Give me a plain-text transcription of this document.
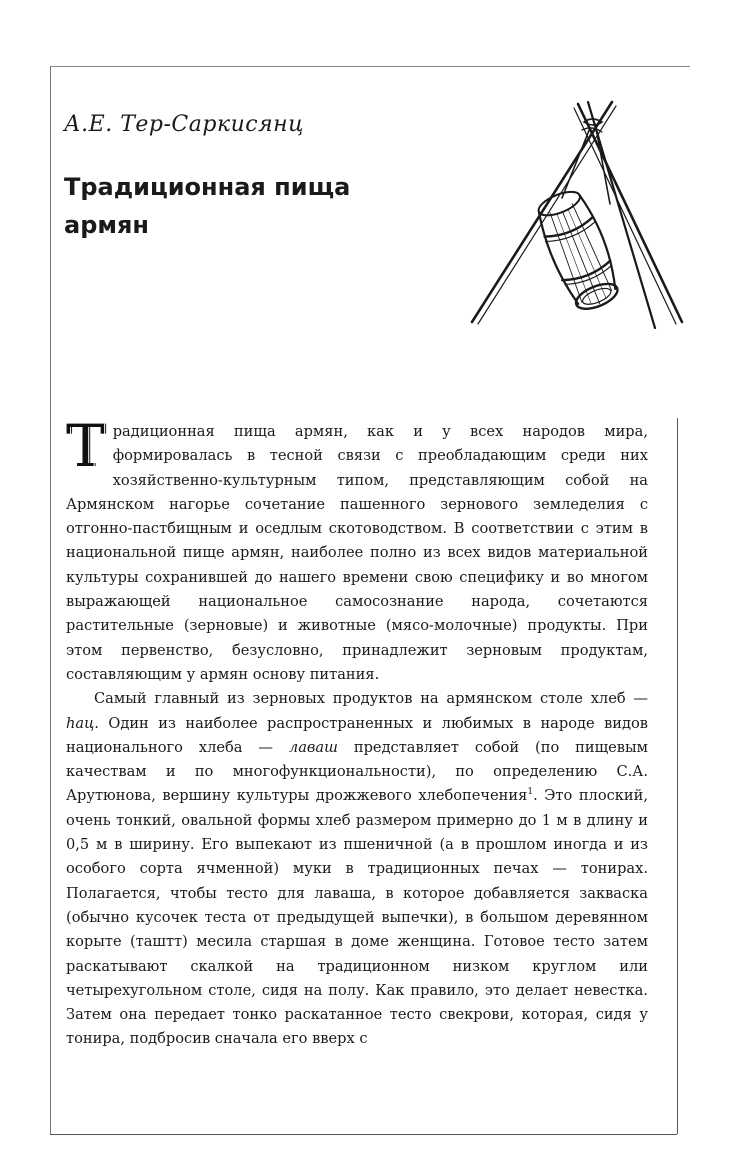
А.Е. Тер-Саркисянц
Традиционная пища
армян

Т радиционная пища армян, как и у всех народов мира, формировалась в тесной связи с преобладающим среди них хозяйственно-культурным типом, представляющим собой на Армянском нагорье сочетание пашенного зернового земледелия с отгонно-пастбищным и оседлым скотоводством. В соответствии с этим в национальной пище армян, наиболее полно из всех видов материальной культуры сохранившей до нашего времени свою специфику и во многом выражающей национальное самосознание народа, сочетаются растительные (зерновые) и животные (мясо-молочные) продукты. При этом первенство, безусловно, принадлежит зерновым продуктам, составляющим у армян основу питания.

Самый главный из зерновых продуктов на армянском столе хлеб — hац. Один из наиболее распространенных и любимых в народе видов национального хлеба — лаваш представляет собой (по пищевым качествам и по многофункциональности), по определению С.А. Арутюнова, вершину культуры дрожжевого хлебопечения$^1$. Это плоский, очень тонкий, овальной формы хлеб размером примерно до 1 м в длину и 0,5 м в ширину. Его выпекают из пшеничной (а в прошлом иногда и из особого сорта ячменной) муки в традиционных печах — тонирах. Полагается, чтобы тесто для лаваша, в которое добавляется закваска (обычно кусочек теста от предыдущей выпечки), в большом деревянном корыте (таштт) месила старшая в доме женщина. Готовое тесто затем раскатывают скалкой на традиционном низком круглом или четырехугольном столе, сидя на полу. Как правило, это делает невестка. Затем она передает тонко раскатанное тесто свекрови, которая, сидя у тонира, подбросив сначала его вверх с
